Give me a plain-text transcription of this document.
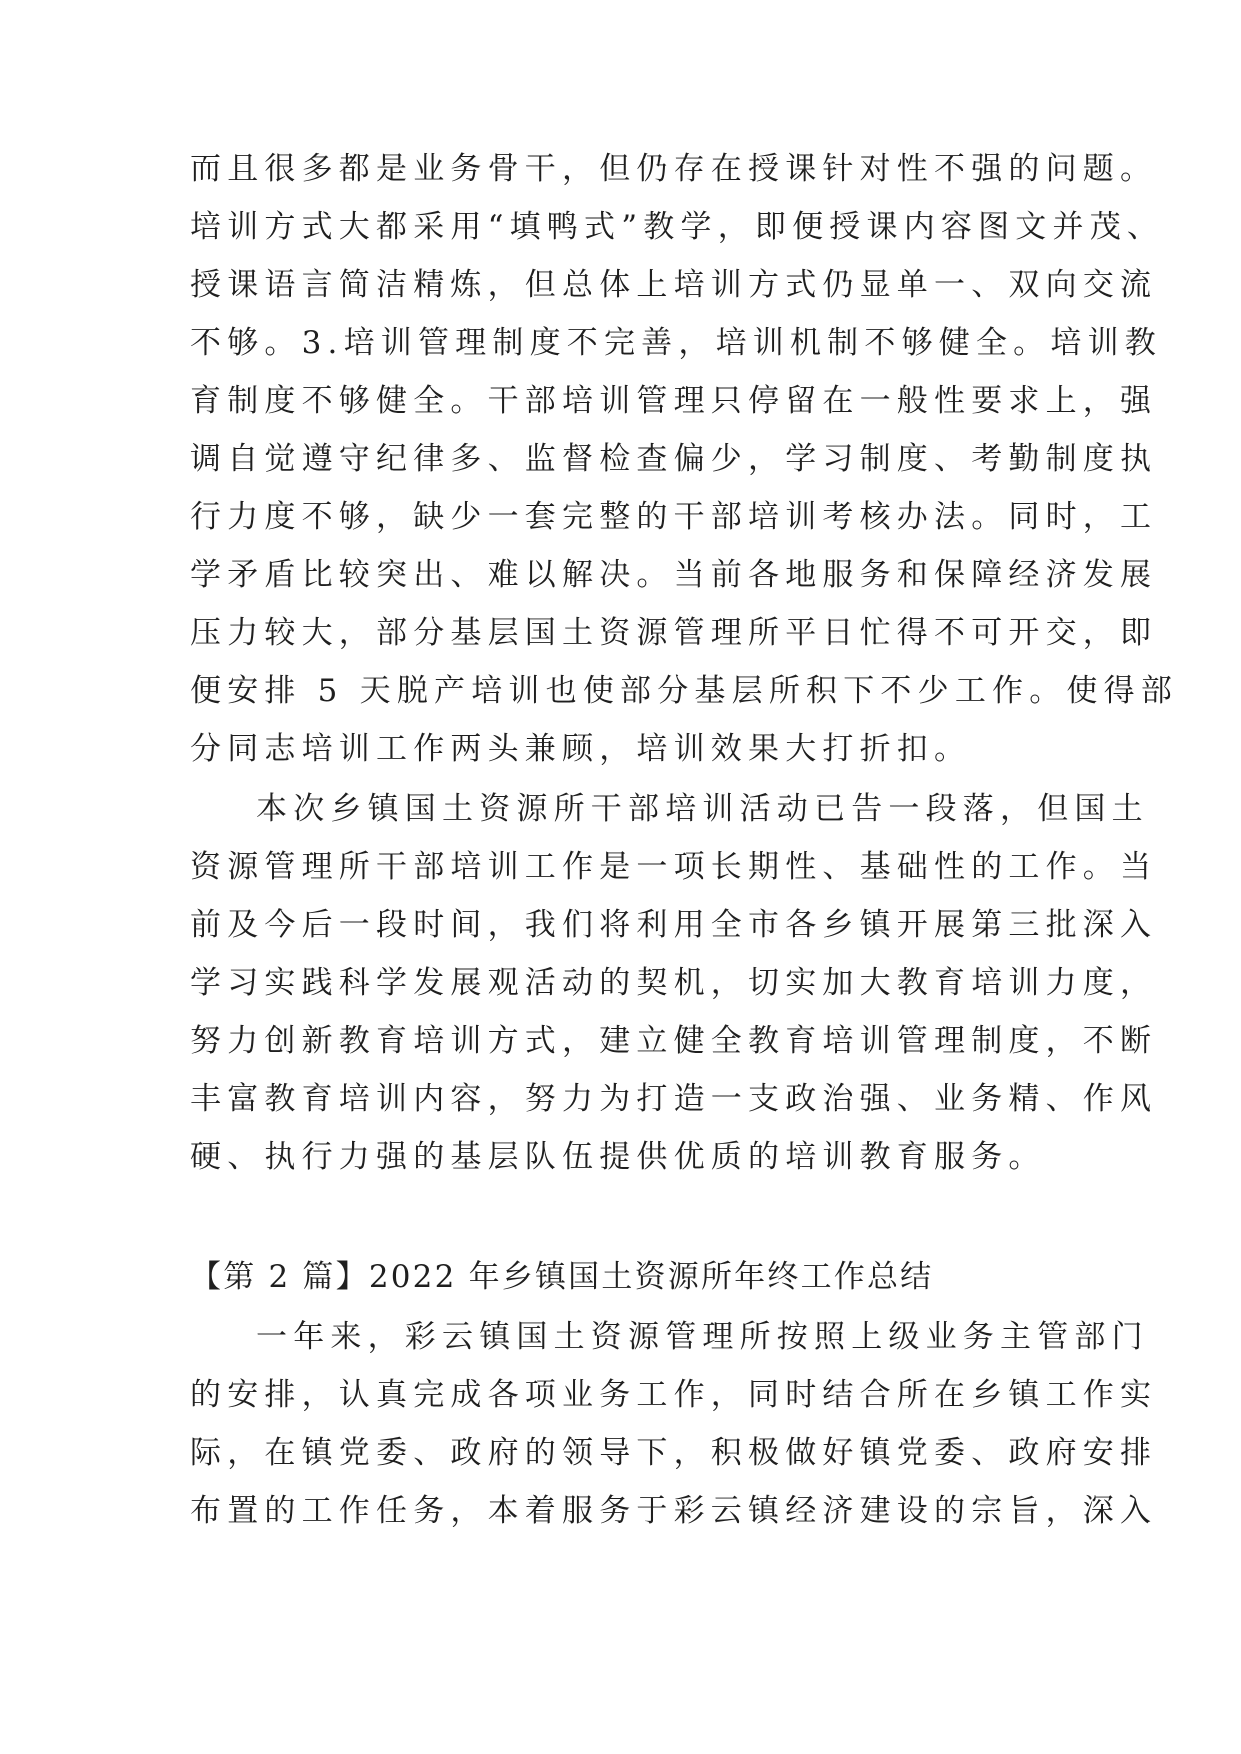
而且很多都是业务骨干，但仍存在授课针对性不强的问题。
培训方式大都采用“填鸭式”教学，即便授课内容图文并茂、
授课语言简洁精炼，但总体上培训方式仍显单一、双向交流
不够。3.培训管理制度不完善，培训机制不够健全。培训教
育制度不够健全。干部培训管理只停留在一般性要求上，强
调自觉遵守纪律多、监督检查偏少，学习制度、考勤制度执
行力度不够，缺少一套完整的干部培训考核办法。同时，工
学矛盾比较突出、难以解决。当前各地服务和保障经济发展
压力较大，部分基层国土资源管理所平日忙得不可开交，即
便安排 5 天脱产培训也使部分基层所积下不少工作。使得部
分同志培训工作两头兼顾，培训效果大打折扣。
本次乡镇国土资源所干部培训活动已告一段落，但国土
资源管理所干部培训工作是一项长期性、基础性的工作。当
前及今后一段时间，我们将利用全市各乡镇开展第三批深入
学习实践科学发展观活动的契机，切实加大教育培训力度，
努力创新教育培训方式，建立健全教育培训管理制度，不断
丰富教育培训内容，努力为打造一支政治强、业务精、作风
硬、执行力强的基层队伍提供优质的培训教育服务。
【第 2 篇】2022 年乡镇国土资源所年终工作总结
一年来，彩云镇国土资源管理所按照上级业务主管部门
的安排，认真完成各项业务工作，同时结合所在乡镇工作实
际，在镇党委、政府的领导下，积极做好镇党委、政府安排
布置的工作任务，本着服务于彩云镇经济建设的宗旨，深入
